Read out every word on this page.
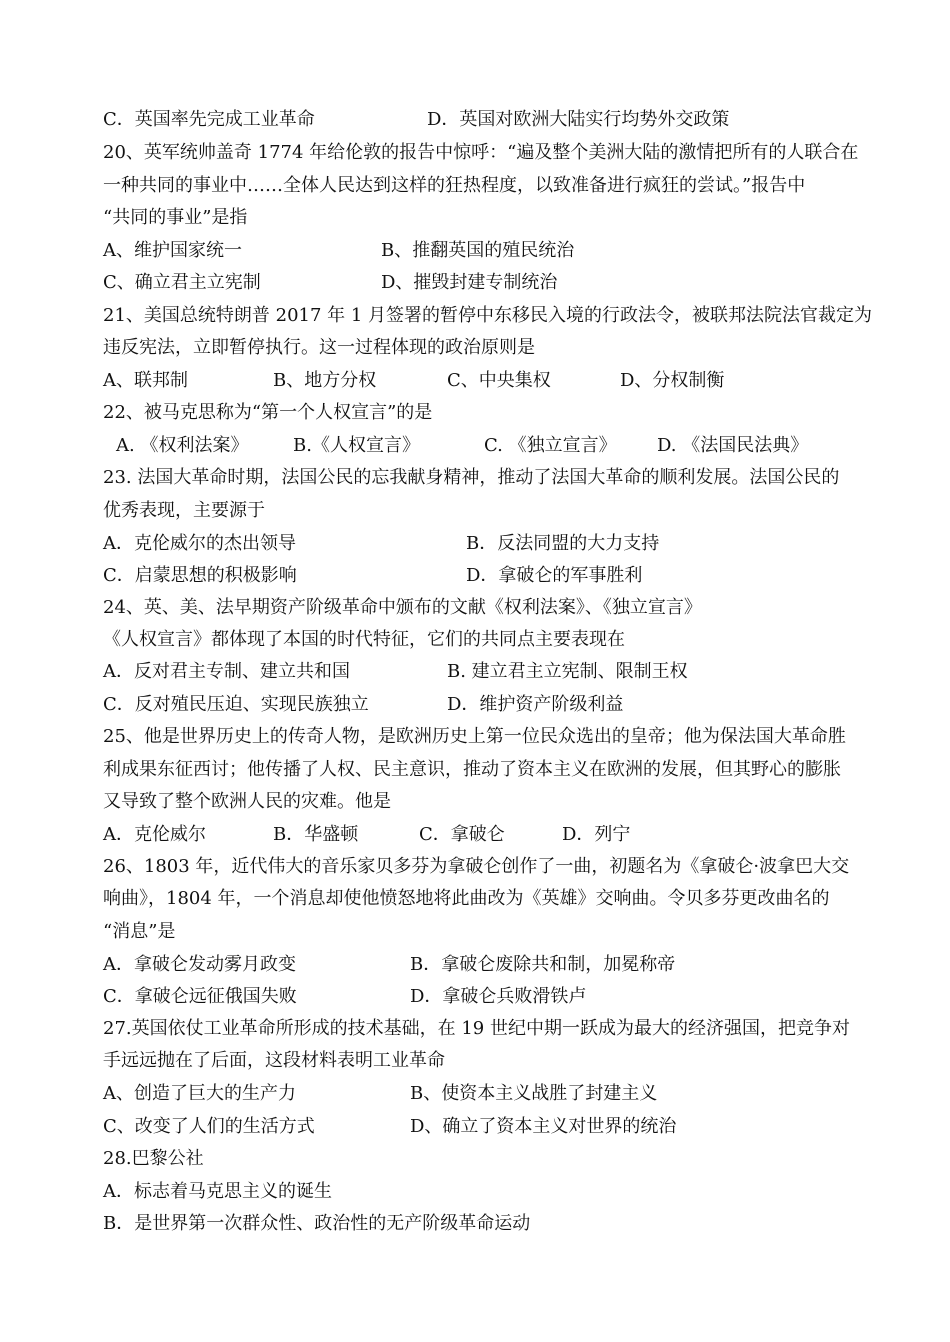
C．英国率先完成工业革命	D．英国对欧洲大陆实行均势外交政策
20、英军统帅盖奇 1774 年给伦敦的报告中惊呼：“遍及整个美洲大陆的激情把所有的人联合在
一种共同的事业中……全体人民达到这样的狂热程度，以致准备进行疯狂的尝试。”报告中
“共同的事业”是指
A、维护国家统一	B、推翻英国的殖民统治
C、确立君主立宪制	D、摧毁封建专制统治
21、美国总统特朗普 2017 年 1 月签署的暂停中东移民入境的行政法令，被联邦法院法官裁定为
违反宪法，立即暂停执行。这一过程体现的政治原则是
A、联邦制	B、地方分权	C、中央集权	D、分权制衡
22、被马克思称为“第一个人权宣言”的是
A. 《权利法案》 B.《人权宣言》	C. 《独立宣言》 D. 《法国民法典》
23. 法国大革命时期，法国公民的忘我献身精神，推动了法国大革命的顺利发展。法国公民的
优秀表现，主要源于
A．克伦威尔的杰出领导	B．反法同盟的大力支持
C．启蒙思想的积极影响	D．拿破仑的军事胜利
24、英、美、法早期资产阶级革命中颁布的文献《权利法案》、《独立宣言》
《人权宣言》都体现了本国的时代特征，它们的共同点主要表现在
A．反对君主专制、建立共和国	B. 建立君主立宪制、限制王权
C．反对殖民压迫、实现民族独立	D．维护资产阶级利益
25、他是世界历史上的传奇人物，是欧洲历史上第一位民众选出的皇帝；他为保法国大革命胜
利成果东征西讨；他传播了人权、民主意识，推动了资本主义在欧洲的发展，但其野心的膨胀
又导致了整个欧洲人民的灾难。他是
A．克伦威尔	B．华盛顿	C．拿破仑	D．列宁
26、1803 年，近代伟大的音乐家贝多芬为拿破仑创作了一曲，初题名为《拿破仑·波拿巴大交
响曲》，1804 年，一个消息却使他愤怒地将此曲改为《英雄》交响曲。令贝多芬更改曲名的
“消息”是
A．拿破仑发动雾月政变	B．拿破仑废除共和制，加冕称帝
C．拿破仑远征俄国失败	D．拿破仑兵败滑铁卢
27.英国依仗工业革命所形成的技术基础，在 19 世纪中期一跃成为最大的经济强国，把竞争对
手远远抛在了后面，这段材料表明工业革命
A、创造了巨大的生产力	B、使资本主义战胜了封建主义
C、改变了人们的生活方式	D、确立了资本主义对世界的统治
28.巴黎公社
A．标志着马克思主义的诞生
B．是世界第一次群众性、政治性的无产阶级革命运动
